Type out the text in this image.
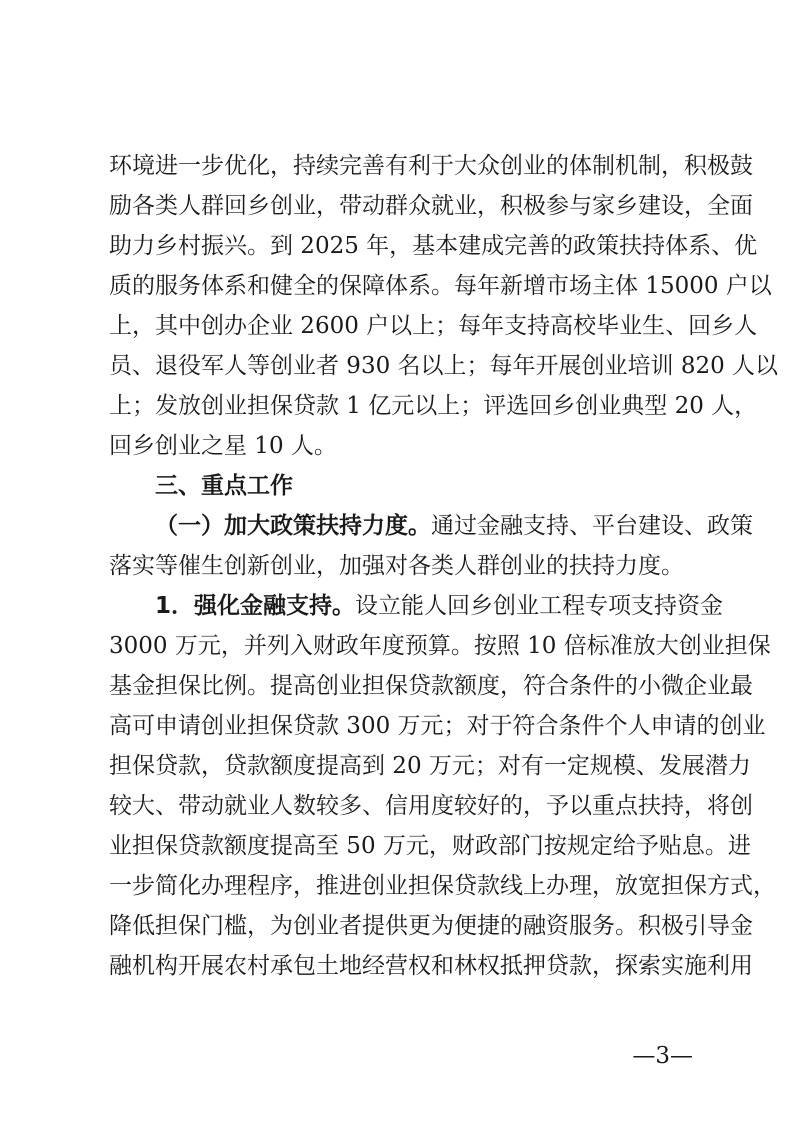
环境进一步优化，持续完善有利于大众创业的体制机制，积极鼓
励各类人群回乡创业，带动群众就业，积极参与家乡建设，全面
助力乡村振兴。到 2025 年，基本建成完善的政策扶持体系、优
质的服务体系和健全的保障体系。每年新增市场主体 15000 户以
上，其中创办企业 2600 户以上；每年支持高校毕业生、回乡人
员、退役军人等创业者 930 名以上；每年开展创业培训 820 人以
上；发放创业担保贷款 1 亿元以上；评选回乡创业典型 20 人，
回乡创业之星 10 人。
三、重点工作
（一）加大政策扶持力度。通过金融支持、平台建设、政策
落实等催生创新创业，加强对各类人群创业的扶持力度。
1．强化金融支持。设立能人回乡创业工程专项支持资金
3000 万元，并列入财政年度预算。按照 10 倍标准放大创业担保
基金担保比例。提高创业担保贷款额度，符合条件的小微企业最
高可申请创业担保贷款 300 万元；对于符合条件个人申请的创业
担保贷款，贷款额度提高到 20 万元；对有一定规模、发展潜力
较大、带动就业人数较多、信用度较好的，予以重点扶持，将创
业担保贷款额度提高至 50 万元，财政部门按规定给予贴息。进
一步简化办理程序，推进创业担保贷款线上办理，放宽担保方式，
降低担保门槛，为创业者提供更为便捷的融资服务。积极引导金
融机构开展农村承包土地经营权和林权抵押贷款，探索实施利用
—3—
